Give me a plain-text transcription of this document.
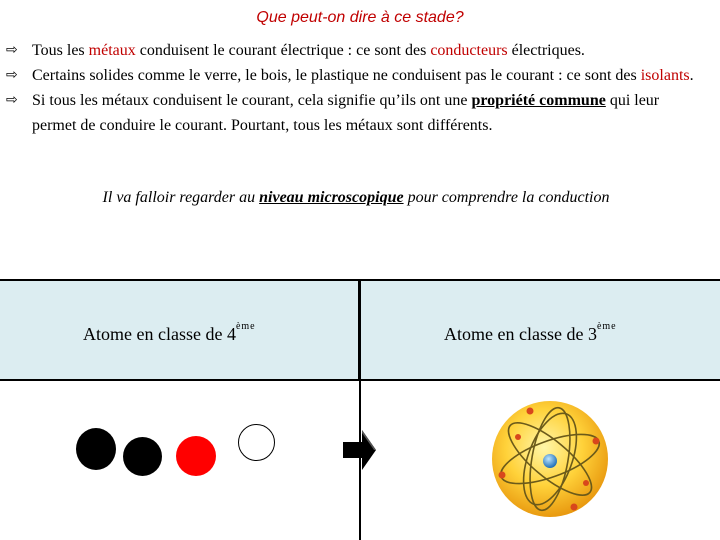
Que peut-on dire à ce stade?
⇨ Tous les métaux conduisent le courant électrique : ce sont des conducteurs électriques.
⇨ Certains solides comme le verre, le bois, le plastique ne conduisent pas le courant : ce sont des isolants.
⇨ Si tous les métaux conduisent le courant, cela signifie qu’ils ont une propriété commune qui leur permet de conduire le courant. Pourtant, tous les métaux sont différents.
Il va falloir regarder au niveau microscopique pour comprendre la conduction
Atome en classe de 4ème	Atome en classe de 3ème
